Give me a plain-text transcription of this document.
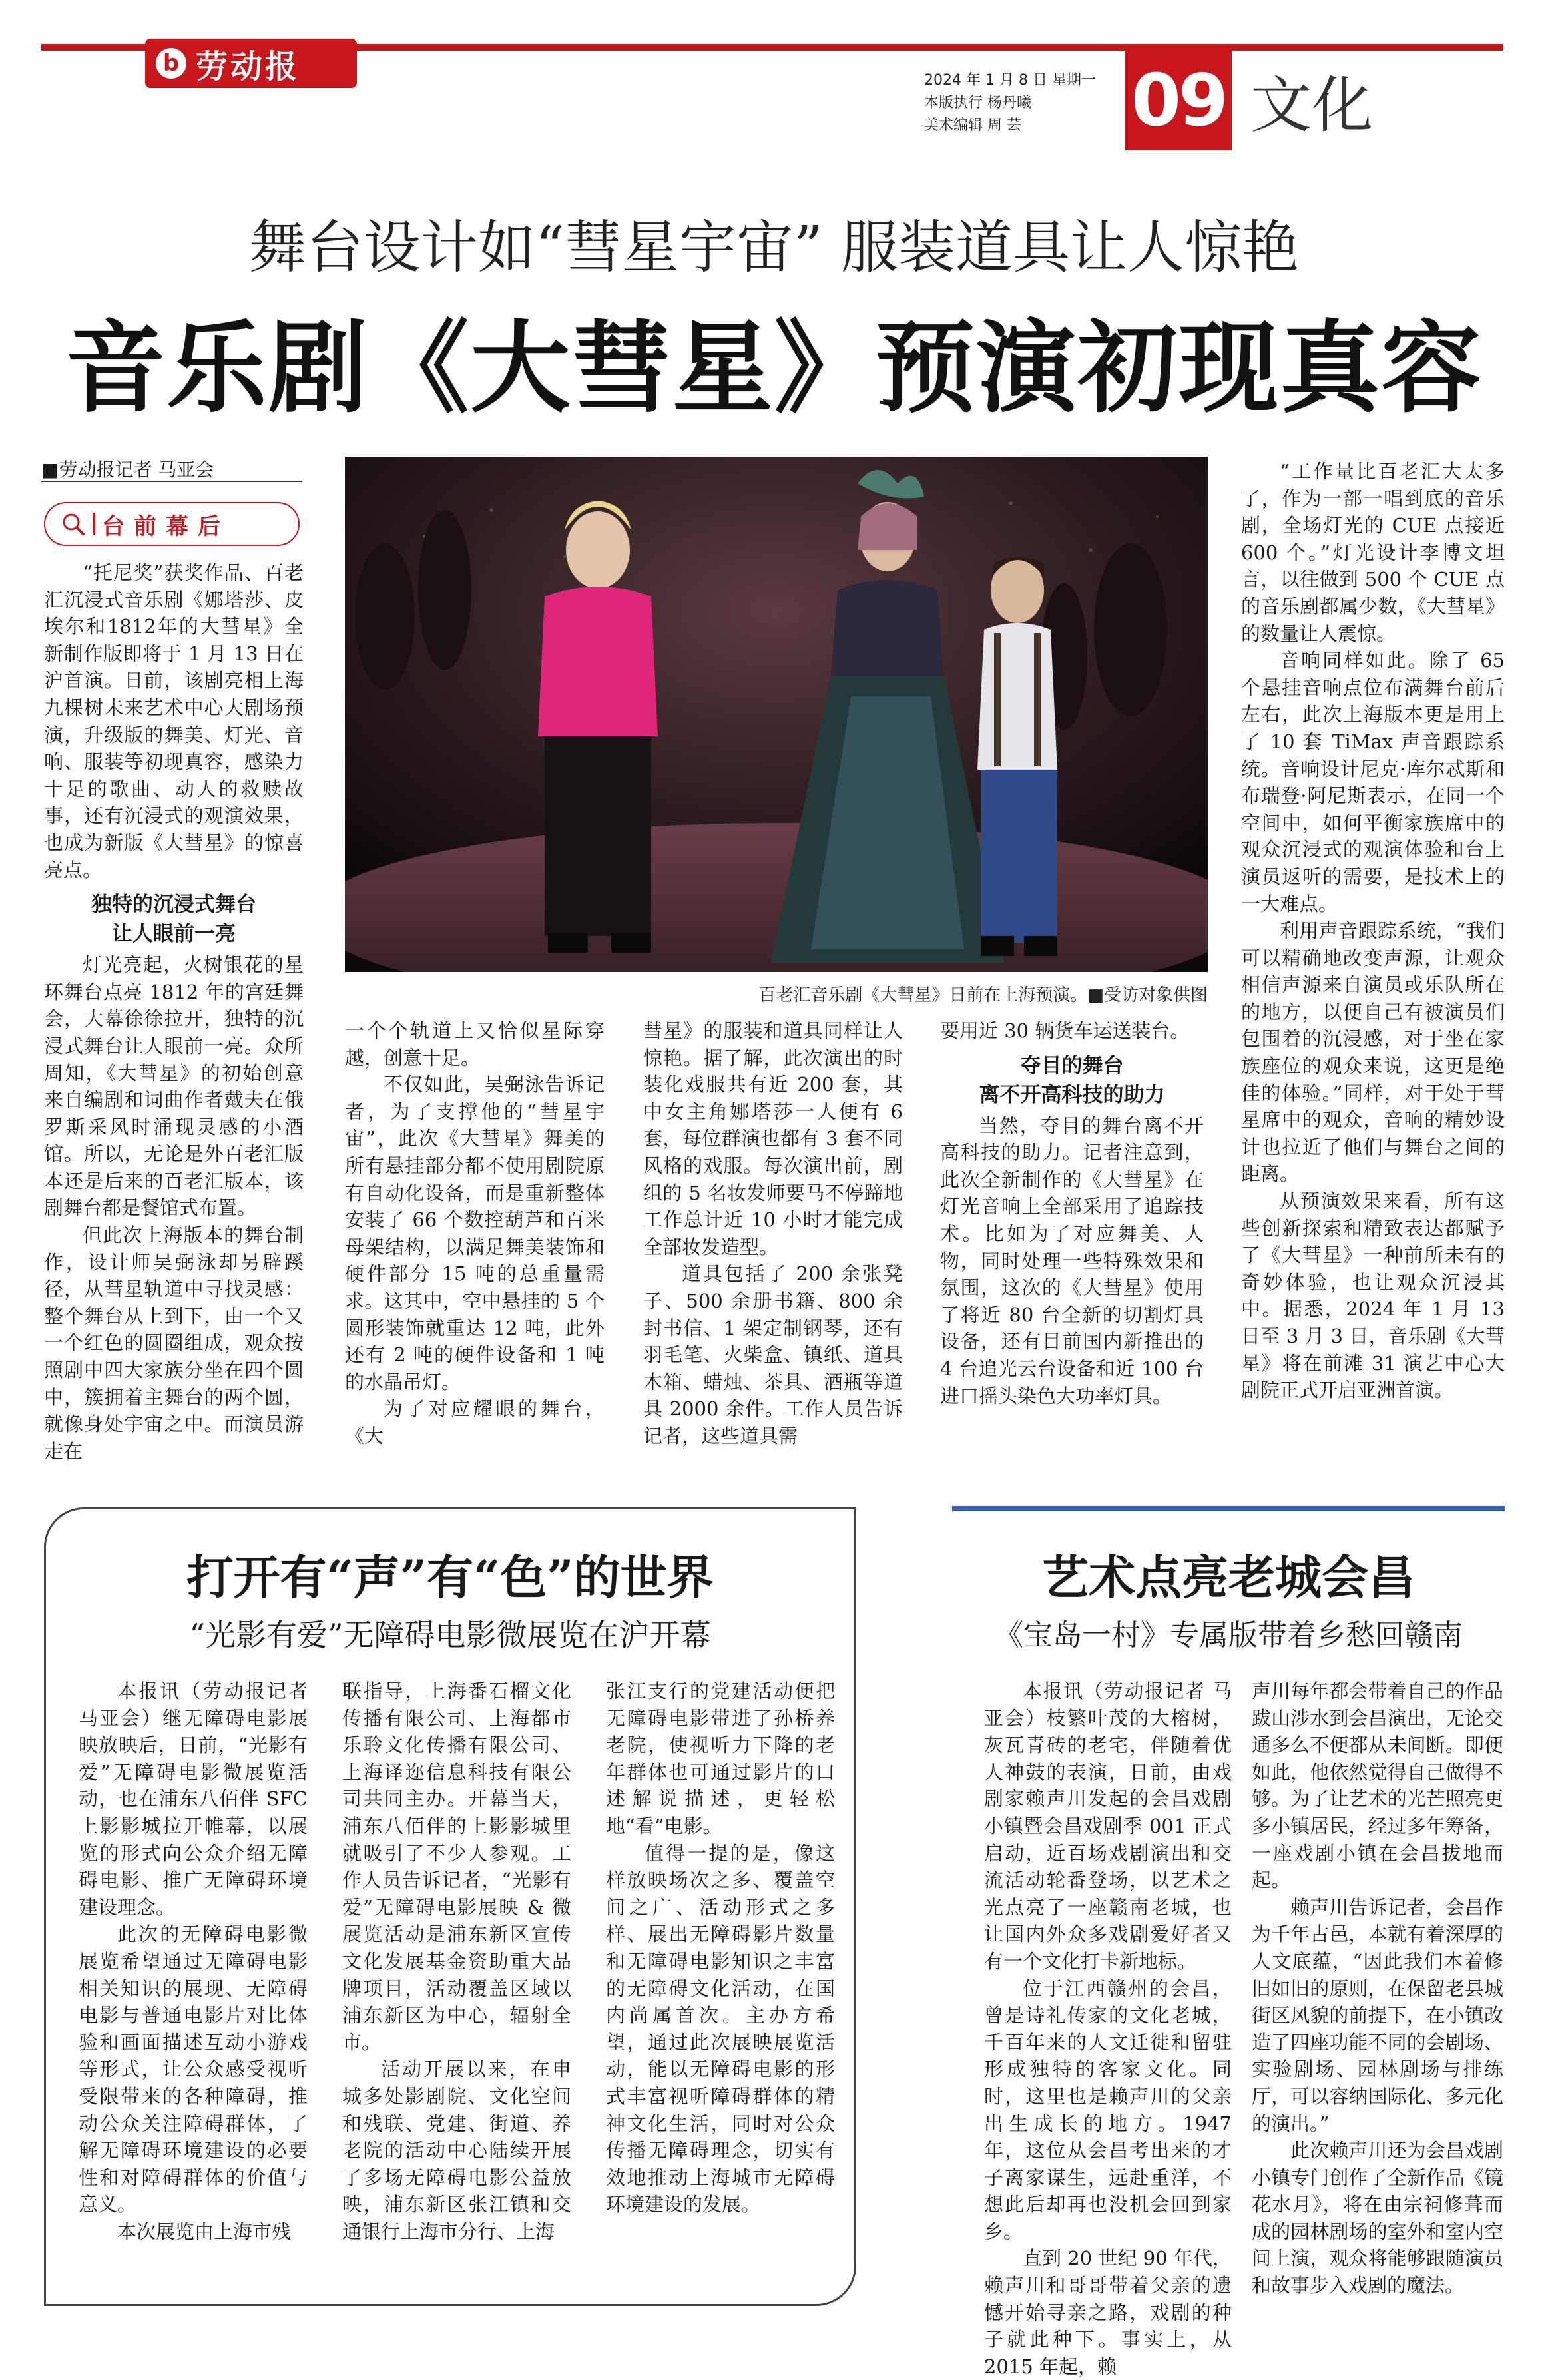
b 劳动报	2024 年 1 月 8 日 星期一
本版执行 杨丹曦
美术编辑 周 芸	09 文化
舞台设计如“彗星宇宙” 服装道具让人惊艳
音乐剧《大彗星》预演初现真容
■劳动报记者 马亚会
台前幕后

“托尼奖”获奖作品、百老汇沉浸式音乐剧《娜塔莎、皮埃尔和1812年的大彗星》全新制作版即将于 1 月 13 日在沪首演。日前，该剧亮相上海九棵树未来艺术中心大剧场预演，升级版的舞美、灯光、音响、服装等初现真容，感染力十足的歌曲、动人的救赎故事，还有沉浸式的观演效果，也成为新版《大彗星》的惊喜亮点。

独特的沉浸式舞台
让人眼前一亮

灯光亮起，火树银花的星环舞台点亮 1812 年的宫廷舞会，大幕徐徐拉开，独特的沉浸式舞台让人眼前一亮。众所周知，《大彗星》的初始创意来自编剧和词曲作者戴夫在俄罗斯采风时涌现灵感的小酒馆。所以，无论是外百老汇版本还是后来的百老汇版本，该剧舞台都是餐馆式布置。

但此次上海版本的舞台制作，设计师吴弼泳却另辟蹊径，从彗星轨道中寻找灵感：整个舞台从上到下，由一个又一个红色的圆圈组成，观众按照剧中四大家族分坐在四个圆中，簇拥着主舞台的两个圆，就像身处宇宙之中。而演员游走在

百老汇音乐剧《大彗星》日前在上海预演。■受访对象供图

一个个轨道上又恰似星际穿越，创意十足。

不仅如此，吴弼泳告诉记者，为了支撑他的“彗星宇宙”，此次《大彗星》舞美的所有悬挂部分都不使用剧院原有自动化设备，而是重新整体安装了 66 个数控葫芦和百米母架结构，以满足舞美装饰和硬件部分 15 吨的总重量需求。这其中，空中悬挂的 5 个圆形装饰就重达 12 吨，此外还有 2 吨的硬件设备和 1 吨的水晶吊灯。

为了对应耀眼的舞台，《大

彗星》的服装和道具同样让人惊艳。据了解，此次演出的时装化戏服共有近 200 套，其中女主角娜塔莎一人便有 6 套，每位群演也都有 3 套不同风格的戏服。每次演出前，剧组的 5 名妆发师要马不停蹄地工作总计近 10 小时才能完成全部妆发造型。

道具包括了 200 余张凳子、500 余册书籍、800 余封书信、1 架定制钢琴，还有羽毛笔、火柴盒、镇纸、道具木箱、蜡烛、茶具、酒瓶等道具 2000 余件。工作人员告诉记者，这些道具需

要用近 30 辆货车运送装台。

夺目的舞台
离不开高科技的助力

当然，夺目的舞台离不开高科技的助力。记者注意到，此次全新制作的《大彗星》在灯光音响上全部采用了追踪技术。比如为了对应舞美、人物，同时处理一些特殊效果和氛围，这次的《大彗星》使用了将近 80 台全新的切割灯具设备，还有目前国内新推出的 4 台追光云台设备和近 100 台进口摇头染色大功率灯具。

“工作量比百老汇大太多了，作为一部一唱到底的音乐剧，全场灯光的 CUE 点接近 600 个。”灯光设计李博文坦言，以往做到 500 个 CUE 点的音乐剧都属少数，《大彗星》的数量让人震惊。

音响同样如此。除了 65 个悬挂音响点位布满舞台前后左右，此次上海版本更是用上了 10 套 TiMax 声音跟踪系统。音响设计尼克·库尔忒斯和布瑞登·阿尼斯表示，在同一个空间中，如何平衡家族席中的观众沉浸式的观演体验和台上演员返听的需要，是技术上的一大难点。

利用声音跟踪系统，“我们可以精确地改变声源，让观众相信声源来自演员或乐队所在的地方，以便自己有被演员们包围着的沉浸感，对于坐在家族座位的观众来说，这更是绝佳的体验。”同样，对于处于彗星席中的观众，音响的精妙设计也拉近了他们与舞台之间的距离。

从预演效果来看，所有这些创新探索和精致表达都赋予了《大彗星》一种前所未有的奇妙体验，也让观众沉浸其中。据悉，2024 年 1 月 13 日至 3 月 3 日，音乐剧《大彗星》将在前滩 31 演艺中心大剧院正式开启亚洲首演。

打开有“声”有“色”的世界
“光影有爱”无障碍电影微展览在沪开幕

本报讯（劳动报记者 马亚会）继无障碍电影展映放映后，日前，“光影有爱”无障碍电影微展览活动，也在浦东八佰伴 SFC 上影影城拉开帷幕，以展览的形式向公众介绍无障碍电影、推广无障碍环境建设理念。

此次的无障碍电影微展览希望通过无障碍电影相关知识的展现、无障碍电影与普通电影片对比体验和画面描述互动小游戏等形式，让公众感受视听受限带来的各种障碍，推动公众关注障碍群体，了解无障碍环境建设的必要性和对障碍群体的价值与意义。

本次展览由上海市残

联指导，上海番石榴文化传播有限公司、上海都市乐聆文化传播有限公司、上海译迩信息科技有限公司共同主办。开幕当天，浦东八佰伴的上影影城里就吸引了不少人参观。工作人员告诉记者，“光影有爱”无障碍电影展映 & 微展览活动是浦东新区宣传文化发展基金资助重大品牌项目，活动覆盖区域以浦东新区为中心，辐射全市。

活动开展以来，在申城多处影剧院、文化空间和残联、党建、街道、养老院的活动中心陆续开展了多场无障碍电影公益放映，浦东新区张江镇和交通银行上海市分行、上海

张江支行的党建活动便把无障碍电影带进了孙桥养老院，使视听力下降的老年群体也可通过影片的口述解说描述，更轻松地“看”电影。

值得一提的是，像这样放映场次之多、覆盖空间之广、活动形式之多样、展出无障碍影片数量和无障碍电影知识之丰富的无障碍文化活动，在国内尚属首次。主办方希望，通过此次展映展览活动，能以无障碍电影的形式丰富视听障碍群体的精神文化生活，同时对公众传播无障碍理念，切实有效地推动上海城市无障碍环境建设的发展。

艺术点亮老城会昌
《宝岛一村》专属版带着乡愁回赣南

本报讯（劳动报记者 马亚会）枝繁叶茂的大榕树，灰瓦青砖的老宅，伴随着优人神鼓的表演，日前，由戏剧家赖声川发起的会昌戏剧小镇暨会昌戏剧季 001 正式启动，近百场戏剧演出和交流活动轮番登场，以艺术之光点亮了一座赣南老城，也让国内外众多戏剧爱好者又有一个文化打卡新地标。

位于江西赣州的会昌，曾是诗礼传家的文化老城，千百年来的人文迁徙和留驻形成独特的客家文化。同时，这里也是赖声川的父亲出生成长的地方。1947 年，这位从会昌考出来的才子离家谋生，远赴重洋，不想此后却再也没机会回到家乡。

直到 20 世纪 90 年代，赖声川和哥哥带着父亲的遗憾开始寻亲之路，戏剧的种子就此种下。事实上，从 2015 年起，赖

声川每年都会带着自己的作品跋山涉水到会昌演出，无论交通多么不便都从未间断。即便如此，他依然觉得自己做得不够。为了让艺术的光芒照亮更多小镇居民，经过多年筹备，一座戏剧小镇在会昌拔地而起。

赖声川告诉记者，会昌作为千年古邑，本就有着深厚的人文底蕴，“因此我们本着修旧如旧的原则，在保留老县城街区风貌的前提下，在小镇改造了四座功能不同的会剧场、实验剧场、园林剧场与排练厅，可以容纳国际化、多元化的演出。”

此次赖声川还为会昌戏剧小镇专门创作了全新作品《镜花水月》，将在由宗祠修葺而成的园林剧场的室外和室内空间上演，观众将能够跟随演员和故事步入戏剧的魔法。
